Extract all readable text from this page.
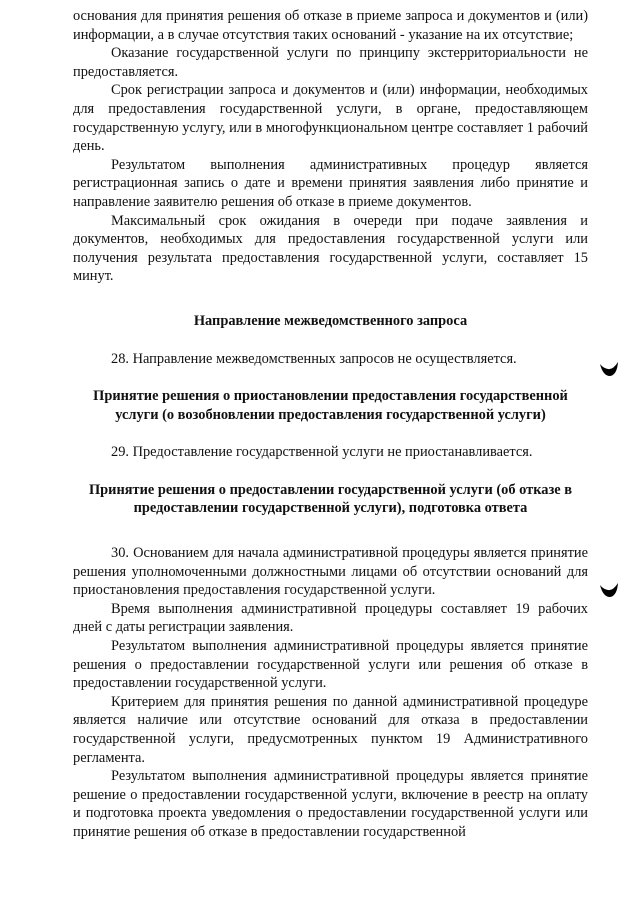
основания для принятия решения об отказе в приеме запроса и документов и (или) информации, а в случае отсутствия таких оснований - указание на их отсутствие;

Оказание государственной услуги по принципу экстерриториальности не предоставляется.

Срок регистрации запроса и документов и (или) информации, необходимых для предоставления государственной услуги, в органе, предоставляющем государственную услугу, или в многофункциональном центре составляет 1 рабочий день.

Результатом выполнения административных процедур является регистрационная запись о дате и времени принятия заявления либо принятие и направление заявителю решения об отказе в приеме документов.

Максимальный срок ожидания в очереди при подаче заявления и документов, необходимых для предоставления государственной услуги или получения результата предоставления государственной услуги, составляет 15 минут.

Направление межведомственного запроса

28. Направление межведомственных запросов не осуществляется.

Принятие решения о приостановлении предоставления государственной услуги (о возобновлении предоставления государственной услуги)

29. Предоставление государственной услуги не приостанавливается.

Принятие решения о предоставлении государственной услуги (об отказе в предоставлении государственной услуги), подготовка ответа

30. Основанием для начала административной процедуры является принятие решения уполномоченными должностными лицами об отсутствии оснований для приостановления предоставления государственной услуги.

Время выполнения административной процедуры составляет 19 рабочих дней с даты регистрации заявления.

Результатом выполнения административной процедуры является принятие решения о предоставлении государственной услуги или решения об отказе в предоставлении государственной услуги.

Критерием для принятия решения по данной административной процедуре является наличие или отсутствие оснований для отказа в предоставлении государственной услуги, предусмотренных пунктом 19 Административного регламента.

Результатом выполнения административной процедуры является принятие решение о предоставлении государственной услуги, включение в реестр на оплату и подготовка проекта уведомления о предоставлении государственной услуги или принятие решения об отказе в предоставлении государственной
